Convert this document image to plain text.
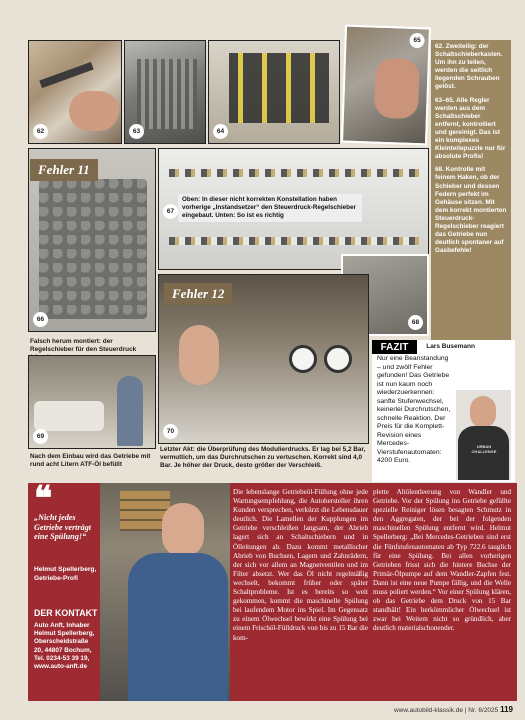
62	63	64
65

62. Zweiteilig: der Schaltschieberkasten. Um ihn zu teilen, werden die seitlich liegenden Schrauben gelöst.

63–65. Alle Regler werden aus dem Schaltschieber entfernt, kontrolliert und gereinigt. Das ist ein komplexes Kleinteilepuzzle nur für absolute Profis!

68. Kontrolle mit feinem Haken, ob der Schieber und dessen Federn perfekt im Gehäuse sitzen. Mit dem korrekt montierten Steuerdruck-Regelschieber reagiert das Getriebe nun deutlich spontaner auf Gasbefehle!

66
Fehler 11
67
Oben: In dieser nicht korrekten Konstellation haben vorherige „Instandsetzer“ den Steuerdruck-Regelschieber eingebaut. Unten: So ist es richtig
68
Falsch herum montiert: der Regelschieber für den Steuerdruck
70
Fehler 12
69
Nach dem Einbau wird das Getriebe mit rund acht Litern ATF-Öl befüllt
Letzter Akt: die Überprüfung des Modulierdrucks. Er lag bei 5,2 Bar, vermutlich, um das Durchrutschen zu vertuschen. Korrekt sind 4,0 Bar. Je höher der Druck, desto größer der Verschleiß.
FAZIT	Lars Busemann
Nur eine Beanstandung – und zwölf Fehler gefunden! Das Getriebe ist nun kaum noch wiederzuerkennen: sanfte Stufenwechsel, keinerlei Durchrutschen, schnelle Reaktion. Der Preis für die Komplett-Revision eines Mercedes-Vierstufenautomaten: 4200 Euro.
URBAN CHALLENGE
❝
„Nicht jedes Getriebe verträgt eine Spülung!“
Helmut Spellerberg, Getriebe-Profi
DER KONTAKT
Auto Anft, Inhaber Helmut Spellerberg, Oberscheidstraße 20, 44807 Bochum, Tel. 0234-53 39 19, www.auto-anft.de
Die lebenslange Getriebeöl-Füllung ohne jede Wartungsempfehlung, die Autohersteller ihren Kunden versprechen, verkürzt die Lebensdauer deutlich. Die Lamellen der Kupplungen im Getriebe verschleißen langsam, der Abrieb lagert sich an Schaltschiebern und in Ölleitungen ab. Dazu kommt metallischer Abrieb von Buchsen, Lagern und Zahnrädern, der sich vor allem an Magnetventilen und im Filter absetzt. Wer das Öl nicht regelmäßig wechselt, bekommt früher oder später Schaltprobleme. Ist es bereits so weit gekommen, kommt die maschinelle Spülung bei laufendem Motor ins Spiel. Im Gegensatz zu einem Ölwechsel bewirkt eine Spülung bei einem Frischöl-Fülldruck von bis zu 15 Bar die kom-
plette Altölentleerung von Wandler und Getriebe. Vor der Spülung ins Getriebe gefüllte spezielle Reiniger lösen besagten Schmutz in den Aggregaten, der bei der folgenden maschinellen Spülung entfernt wird. Helmut Spellerberg: „Bei Mercedes-Getrieben sind erst die Fünfstufenautomaten ab Typ 722.6 tauglich für eine Spülung. Bei allen vorherigen Getrieben frisst sich die hintere Buchse der Primär-Ölpumpe auf dem Wandler-Zapfen fest. Dann ist eine neue Pumpe fällig, und die Welle muss poliert werden.“ Vor einer Spülung klären, ob das Getriebe dem Druck von 15 Bar standhält! Ein herkömmlicher Ölwechsel ist zwar bei Weitem nicht so gründlich, aber deutlich materialschonender.
www.autobild-klassik.de | Nr. 6/2025 119
